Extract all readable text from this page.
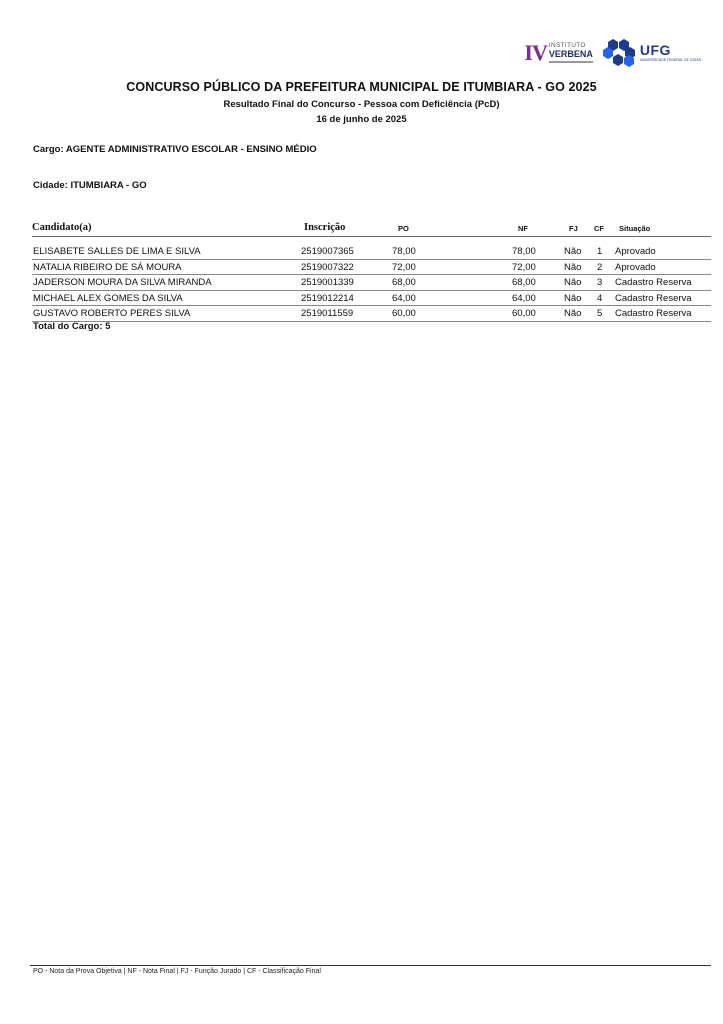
IV INSTITUTO
VERBENA	UFG
UNIVERSIDADE FEDERAL DE GOIÁS
CONCURSO PÚBLICO DA PREFEITURA MUNICIPAL DE ITUMBIARA - GO 2025
Resultado Final do Concurso - Pessoa com Deficiência (PcD)
16 de junho de 2025
Cargo: AGENTE ADMINISTRATIVO ESCOLAR - ENSINO MÉDIO
Cidade: ITUMBIARA - GO
Candidato(a)	Inscrição	PO	NF	FJ CF Situação
ELISABETE SALLES DE LIMA E SILVA	2519007365	78,00	78,00	Não 1 Aprovado
NATALIA RIBEIRO DE SÁ MOURA	2519007322	72,00	72,00	Não 2 Aprovado
JADERSON MOURA DA SILVA MIRANDA	2519001339	68,00	68,00	Não 3 Cadastro Reserva
MICHAEL ALEX GOMES DA SILVA	2519012214	64,00	64,00	Não 4 Cadastro Reserva
GUSTAVO ROBERTO PERES SILVA	2519011559	60,00	60,00	Não 5 Cadastro Reserva
Total do Cargo: 5
PO - Nota da Prova Objetiva | NF - Nota Final | FJ - Função Jurado | CF - Classificação Final
